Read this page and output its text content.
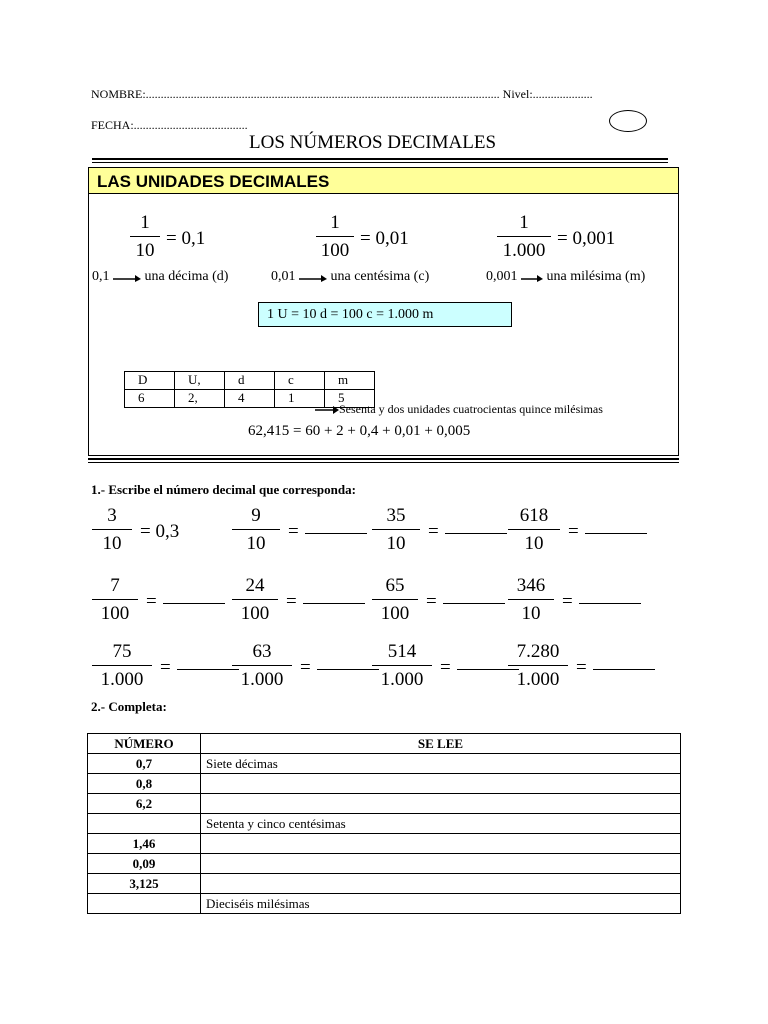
NOMBRE:...................................................................................................................... Nivel:....................
FECHA:......................................
LOS NÚMEROS DECIMALES
LAS UNIDADES DECIMALES
1
10
= 0,1
1
100
= 0,01
1
1.000
= 0,001
0,1	una décima (d)	0,01	una centésima (c)	0,001 una milésima (m)
1 U = 10 d = 100 c = 1.000 m
D	U,	d	c	m
6	2,	4	1	5
Sesenta y dos unidades cuatrocientas quince milésimas
62,415 = 60 + 2 + 0,4 + 0,01 + 0,005
1.- Escribe el número decimal que corresponda:
3
10
= 0,3
9
10
=
35
10
=
618
10
=
7
100
=
24
100
=
65
100
=
346
10
=
75
1.000
=
63
1.000
=
514
1.000
=
7.280
1.000
=
2.- Completa:
NÚMERO	SE LEE
0,7	Siete décimas
0,8	
6,2	
	Setenta y cinco centésimas
1,46	
0,09	
3,125	
	Dieciséis milésimas
